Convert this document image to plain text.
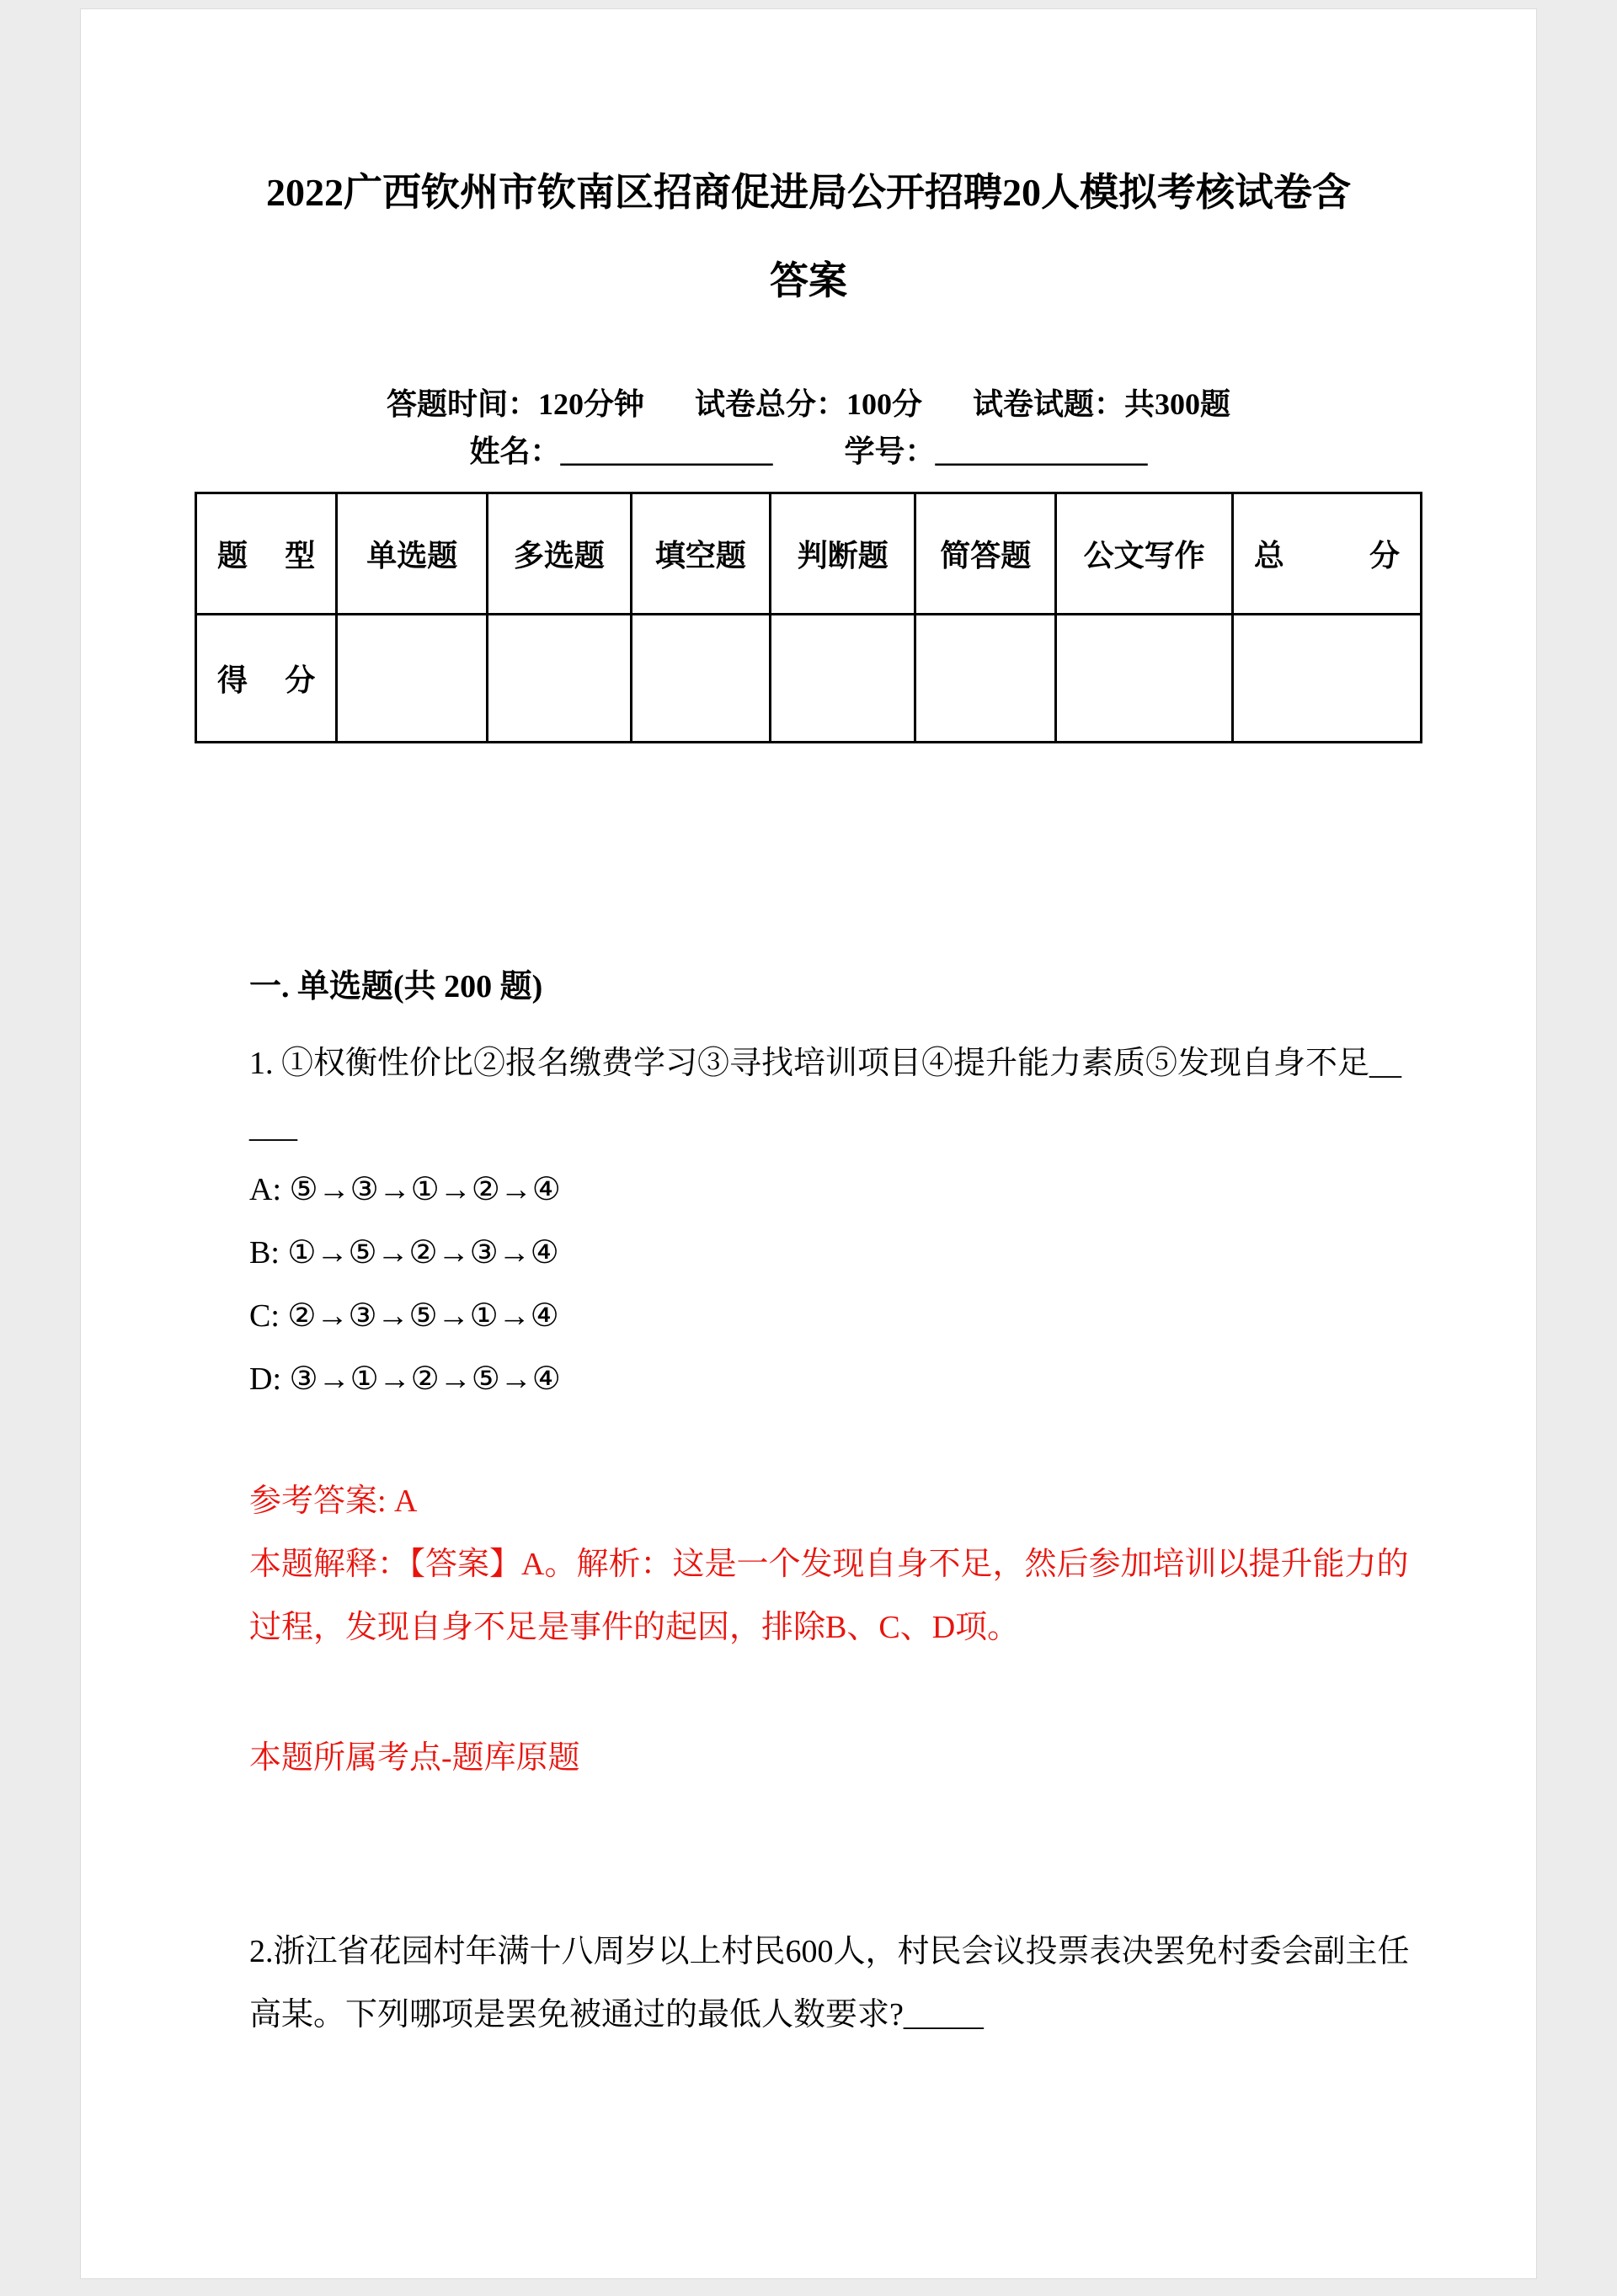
2022广西钦州市钦南区招商促进局公开招聘20人模拟考核试卷含
答案
答题时间：120分钟 试卷总分：100分 试卷试题：共300题
姓名：______________ 学号：______________
题 型	单选题	多选题	填空题	判断题	简答题	公文写作	总 分
得 分							
一. 单选题(共 200 题)

1. ①权衡性价比②报名缴费学习③寻找培训项目④提升能力素质⑤发现自身不足_____

A: ⑤→③→①→②→④

B: ①→⑤→②→③→④

C: ②→③→⑤→①→④

D: ③→①→②→⑤→④

参考答案: A

本题解释：【答案】A。解析：这是一个发现自身不足，然后参加培训以提升能力的过程，发现自身不足是事件的起因，排除B、C、D项。

本题所属考点-题库原题

2.浙江省花园村年满十八周岁以上村民600人，村民会议投票表决罢免村委会副主任高某。下列哪项是罢免被通过的最低人数要求?_____
